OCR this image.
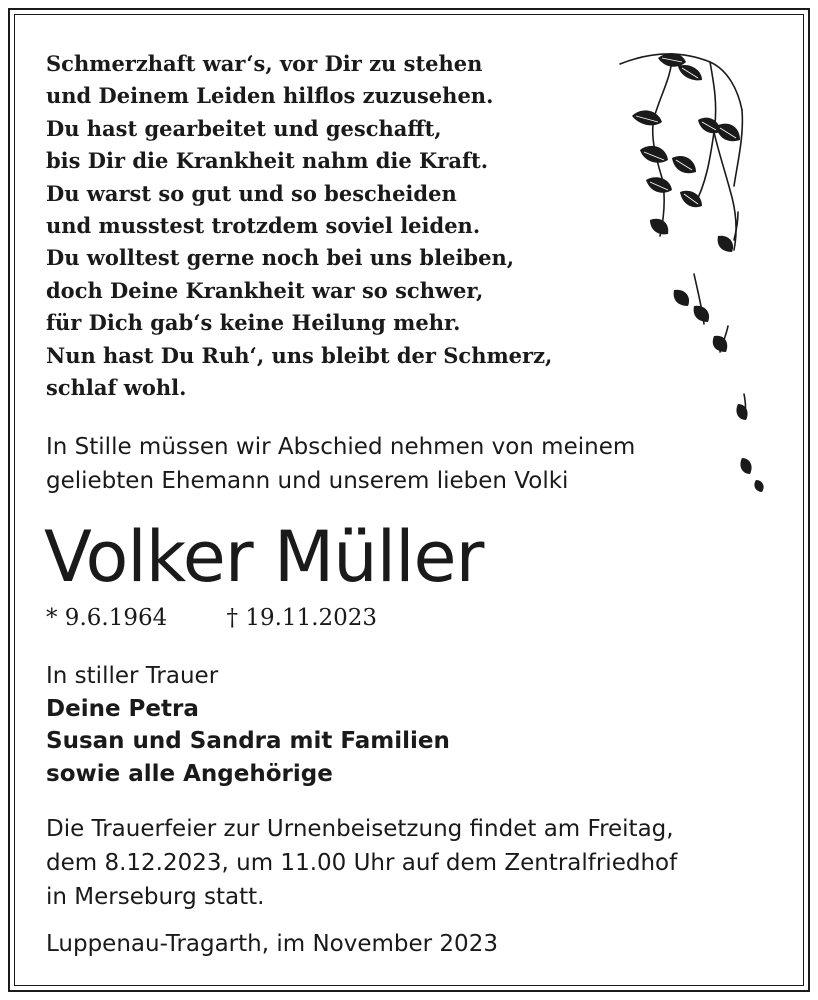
Schmerzhaft war‘s, vor Dir zu stehen
und Deinem Leiden hilflos zuzusehen.
Du hast gearbeitet und geschafft,
bis Dir die Krankheit nahm die Kraft.
Du warst so gut und so bescheiden
und musstest trotzdem soviel leiden.
Du wolltest gerne noch bei uns bleiben,
doch Deine Krankheit war so schwer,
für Dich gab‘s keine Heilung mehr.
Nun hast Du Ruh‘, uns bleibt der Schmerz,
schlaf wohl.
In Stille müssen wir Abschied nehmen von meinem
geliebten Ehemann und unserem lieben Volki
Volker Müller
* 9.6.1964	† 19.11.2023
In stiller Trauer
Deine Petra
Susan und Sandra mit Familien
sowie alle Angehörige
Die Trauerfeier zur Urnenbeisetzung findet am Freitag,
dem 8.12.2023, um 11.00 Uhr auf dem Zentralfriedhof
in Merseburg statt.
Luppenau-Tragarth, im November 2023
